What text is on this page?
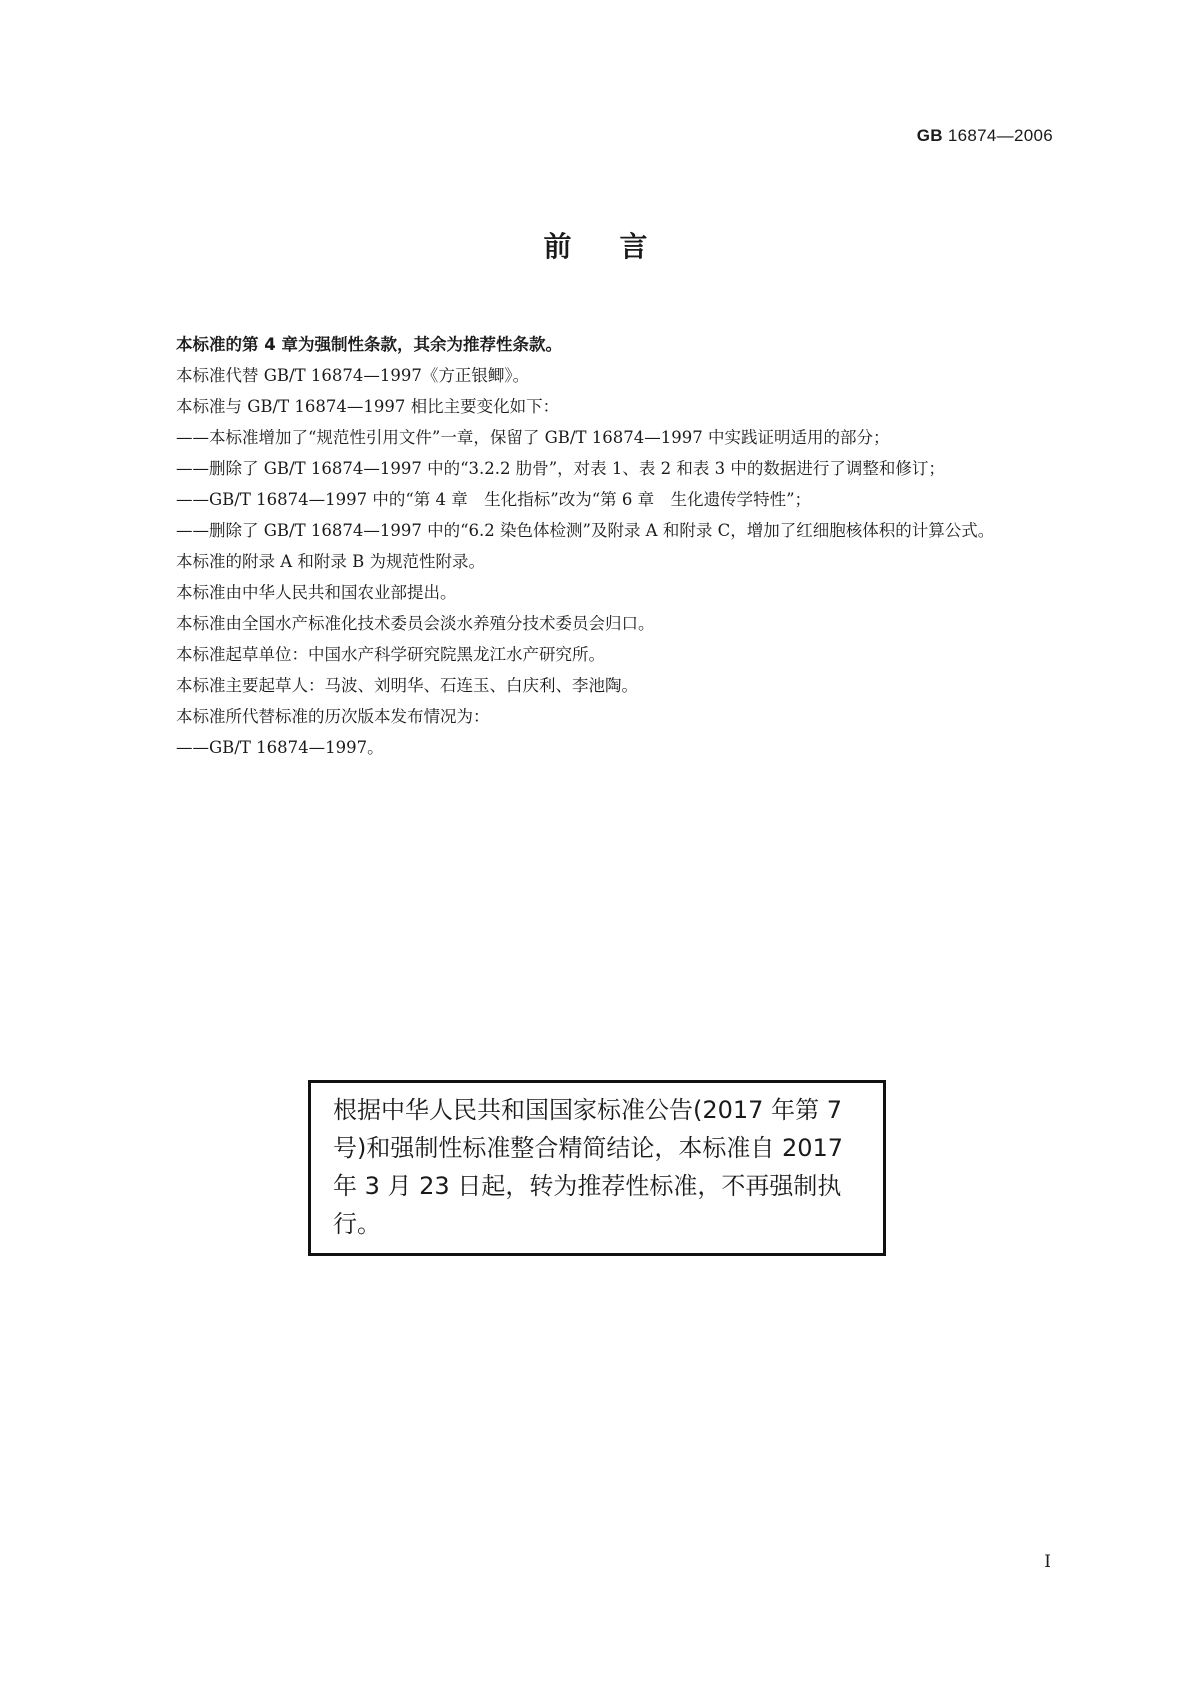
GB 16874—2006
前言

本标准的第 4 章为强制性条款，其余为推荐性条款。

本标准代替 GB/T 16874—1997《方正银鲫》。

本标准与 GB/T 16874—1997 相比主要变化如下：

——本标准增加了“规范性引用文件”一章，保留了 GB/T 16874—1997 中实践证明适用的部分；

——删除了 GB/T 16874—1997 中的“3.2.2 肋骨”，对表 1、表 2 和表 3 中的数据进行了调整和修订；

——GB/T 16874—1997 中的“第 4 章　生化指标”改为“第 6 章　生化遗传学特性”；

——删除了 GB/T 16874—1997 中的“6.2 染色体检测”及附录 A 和附录 C，增加了红细胞核体积的计算公式。

本标准的附录 A 和附录 B 为规范性附录。

本标准由中华人民共和国农业部提出。

本标准由全国水产标准化技术委员会淡水养殖分技术委员会归口。

本标准起草单位：中国水产科学研究院黑龙江水产研究所。

本标准主要起草人：马波、刘明华、石连玉、白庆利、李池陶。

本标准所代替标准的历次版本发布情况为：

——GB/T 16874—1997。

根据中华人民共和国国家标准公告(2017 年第 7 号)和强制性标准整合精简结论，本标准自 2017 年 3 月 23 日起，转为推荐性标准，不再强制执行。
I
